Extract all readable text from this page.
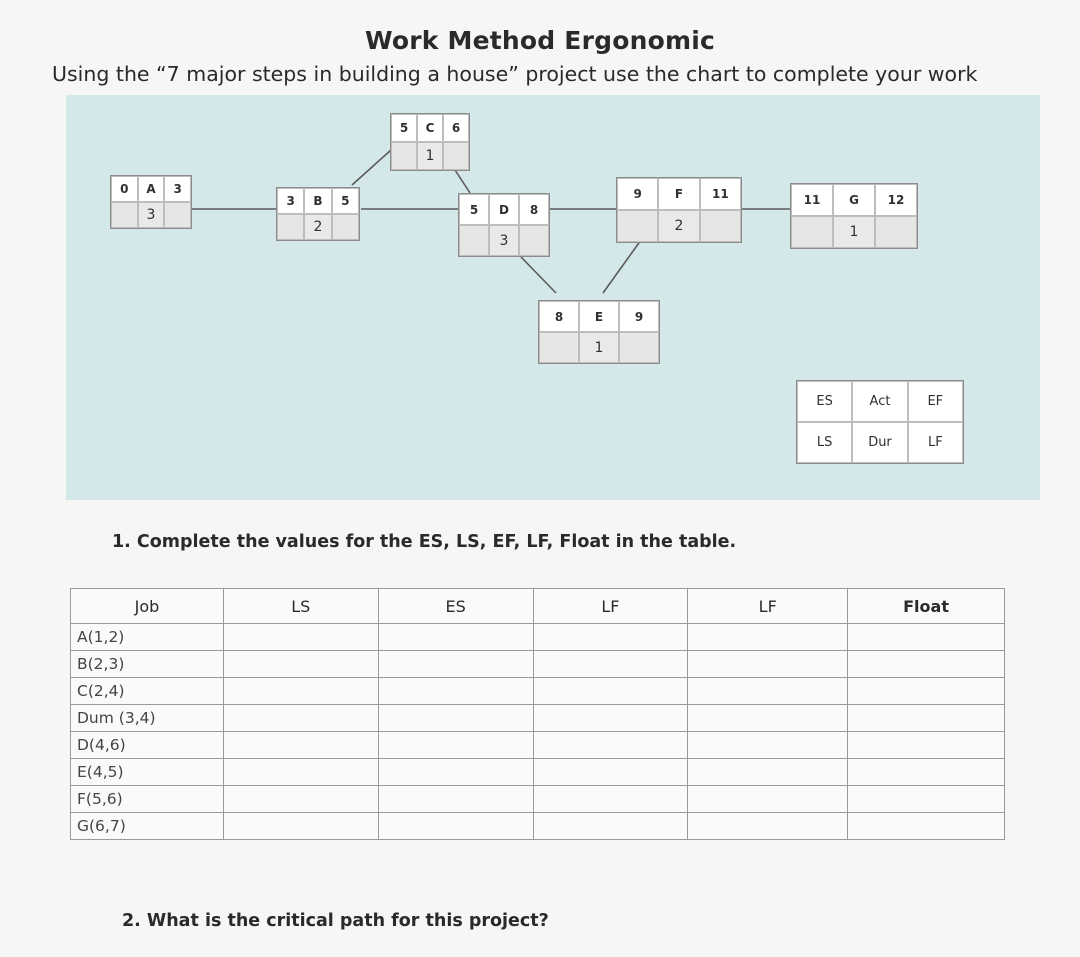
Work Method Ergonomic
Using the “7 major steps in building a house” project use the chart to complete your work
0	A	3
3
3	B	5
2
5	C	6
1
5	D	8
3
8	E	9
1
9	F	11
2
11	G	12
1
ES	Act	EF
LS	Dur	LF
1. Complete the values for the ES, LS, EF, LF, Float in the table.
Job	LS	ES	LF	LF	Float
A(1,2)					
B(2,3)					
C(2,4)					
Dum (3,4)					
D(4,6)					
E(4,5)					
F(5,6)					
G(6,7)					
2. What is the critical path for this project?
